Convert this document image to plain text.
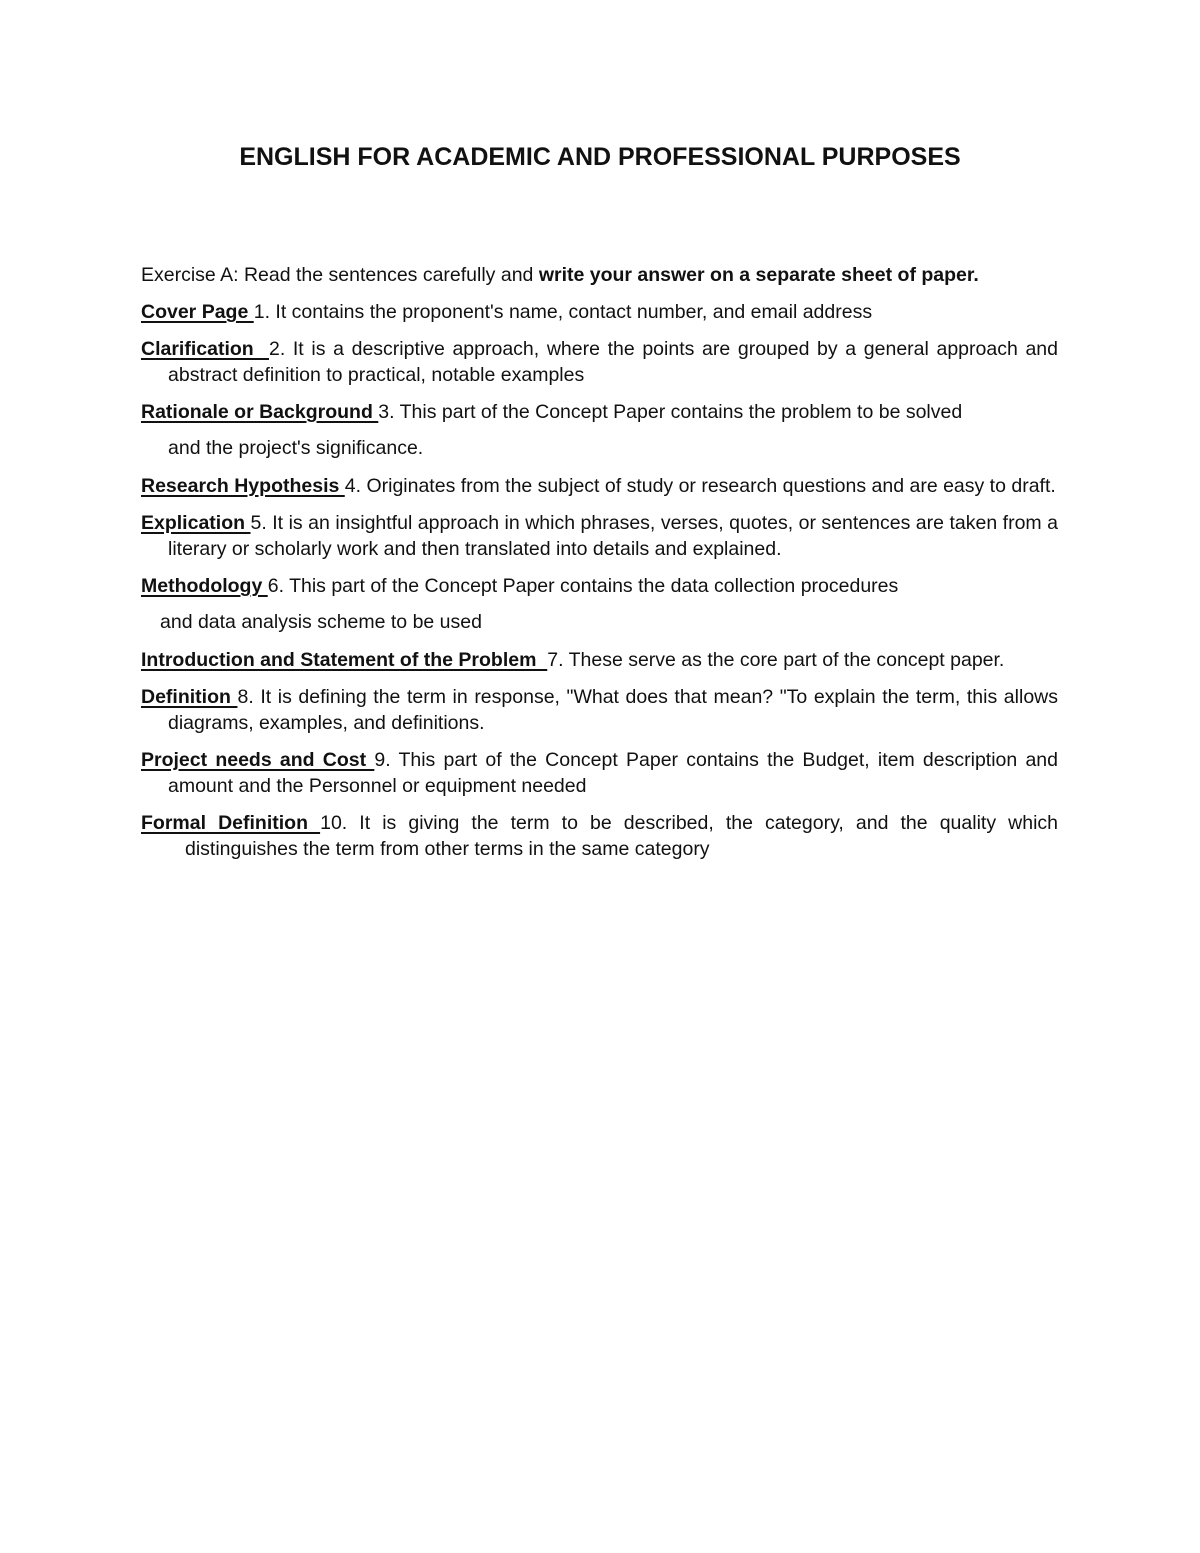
ENGLISH FOR ACADEMIC AND PROFESSIONAL PURPOSES

Exercise A: Read the sentences carefully and write your answer on a separate sheet of paper.

Cover Page 1. It contains the proponent's name, contact number, and email address

Clarification  2. It is a descriptive approach, where the points are grouped by a general approach and abstract definition to practical, notable examples

Rationale or Background 3. This part of the Concept Paper contains the problem to be solved

and the project's significance.

Research Hypothesis 4. Originates from the subject of study or research questions and are easy to draft.

Explication 5. It is an insightful approach in which phrases, verses, quotes, or sentences are taken from a literary or scholarly work and then translated into details and explained.

Methodology 6. This part of the Concept Paper contains the data collection procedures

and data analysis scheme to be used

Introduction and Statement of the Problem  7. These serve as the core part of the concept paper.

Definition 8. It is defining the term in response, "What does that mean? "To explain the term, this allows diagrams, examples, and definitions.

Project needs and Cost 9. This part of the Concept Paper contains the Budget, item description and amount and the Personnel or equipment needed

Formal Definition 10. It is giving the term to be described, the category, and the quality which distinguishes the term from other terms in the same category
